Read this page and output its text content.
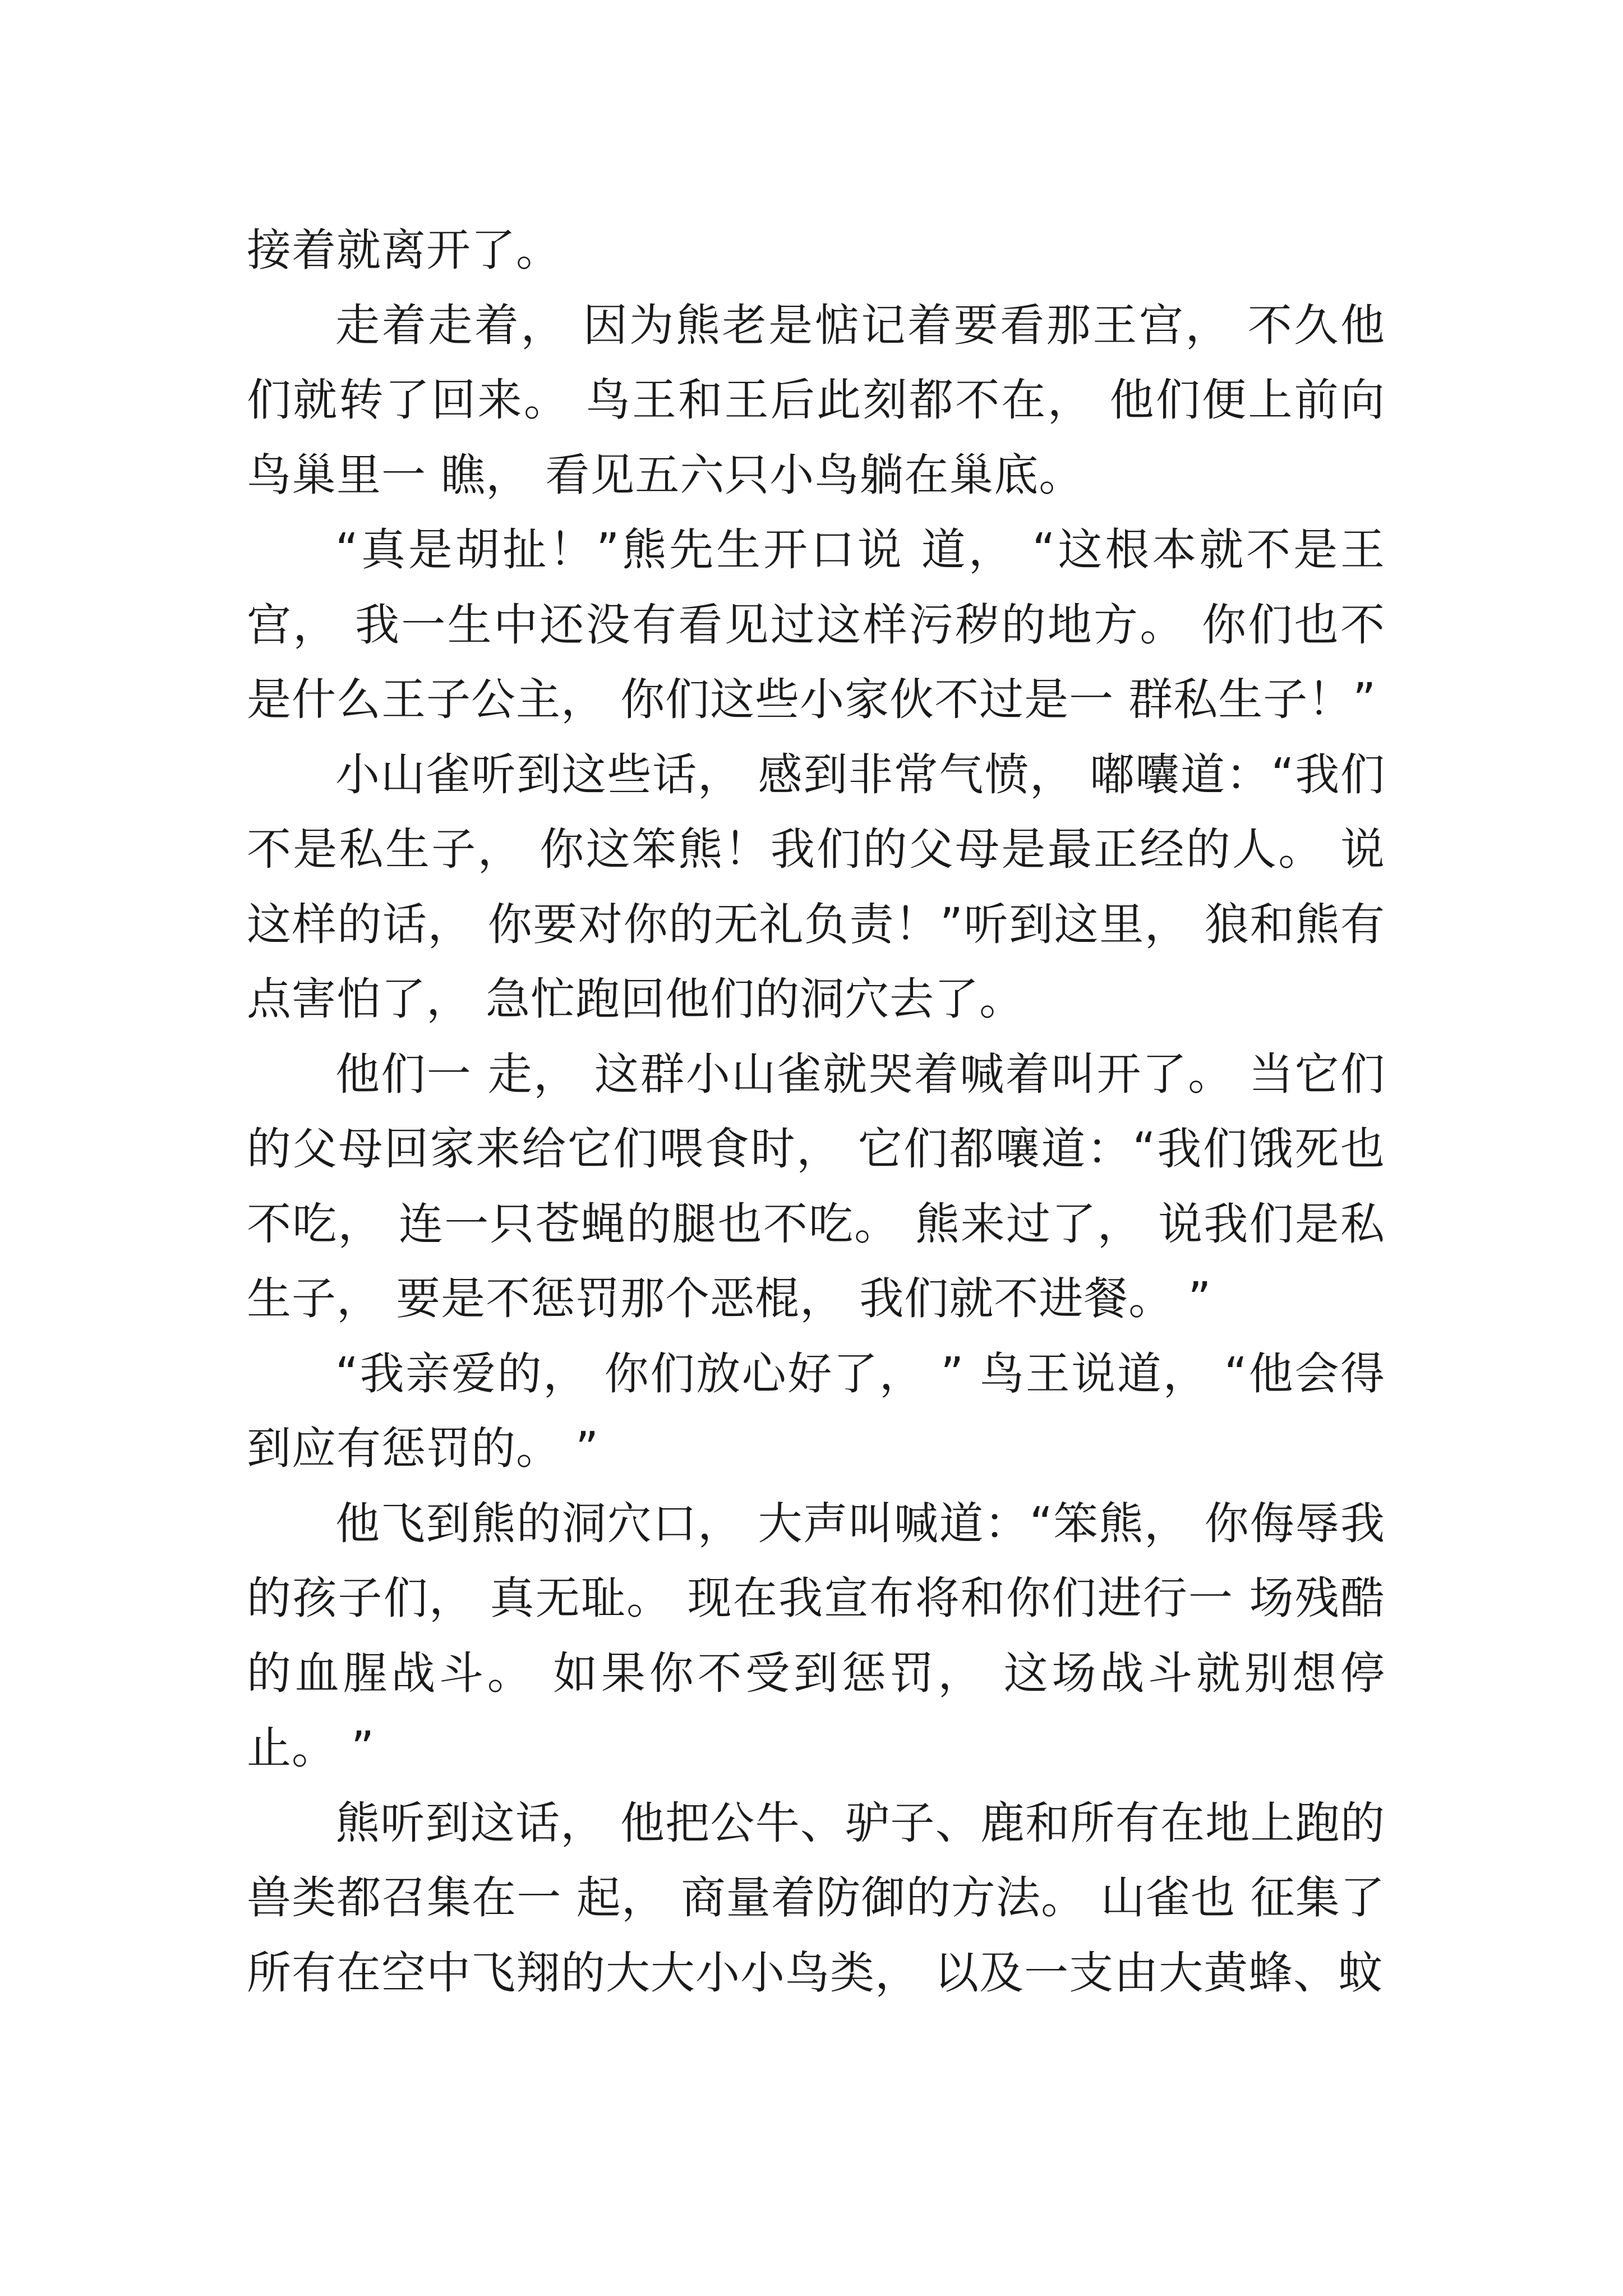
接着就离开了。

走着走着， 因为熊老是惦记着要看那王宫， 不久他们就转了回来。 鸟王和王后此刻都不在， 他们便上前向鸟巢里一 瞧， 看见五六只小鸟躺在巢底。

“真是胡扯！”熊先生开口说 道， “这根本就不是王宫， 我一生中还没有看见过这样污秽的地方。 你们也不是什么王子公主， 你们这些小家伙不过是一 群私生子！”

小山雀听到这些话， 感到非常气愤， 嘟囔道：“我们不是私生子， 你这笨熊！我们的父母是最正经的人。 说这样的话， 你要对你的无礼负责！”听到这里， 狼和熊有点害怕了， 急忙跑回他们的洞穴去了。

他们一 走， 这群小山雀就哭着喊着叫开了。 当它们的父母回家来给它们喂食时， 它们都嚷道：“我们饿死也不吃， 连一只苍蝇的腿也不吃。 熊来过了， 说我们是私生子， 要是不惩罚那个恶棍， 我们就不进餐。 ”

“我亲爱的， 你们放心好了， ” 鸟王说道， “他会得到应有惩罚的。 ”

他飞到熊的洞穴口， 大声叫喊道：“笨熊， 你侮辱我的孩子们， 真无耻。 现在我宣布将和你们进行一 场残酷的血腥战斗。 如果你不受到惩罚， 这场战斗就别想停止。 ”

熊听到这话， 他把公牛、驴子、鹿和所有在地上跑的兽类都召集在一 起， 商量着防御的方法。 山雀也 征集了所有在空中飞翔的大大小小鸟类， 以及一支由大黄蜂、蚊
